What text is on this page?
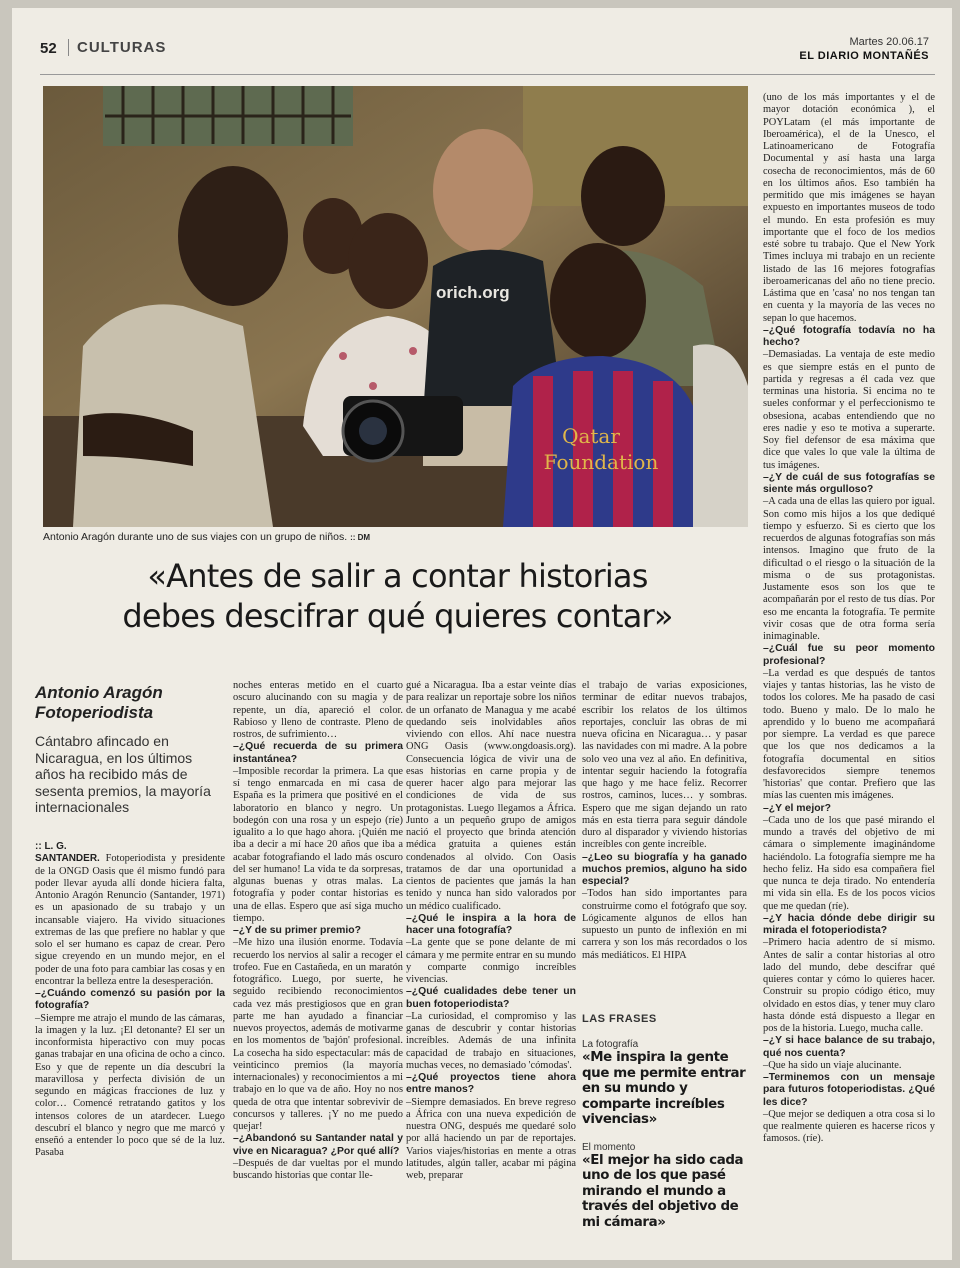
52	CULTURAS	Martes 20.06.17
EL DIARIO MONTAÑÉS
orich.org
Qatar
Foundation
Antonio Aragón durante uno de sus viajes con un grupo de niños. :: DM
«Antes de salir a contar historias
debes descifrar qué quieres contar»
Antonio Aragón
Fotoperiodista
Cántabro afincado en Nicaragua, en los últimos años ha recibido más de sesenta premios, la mayoría internacionales

:: L. G.

SANTANDER. Fotoperiodista y presidente de la ONGD Oasis que él mismo fundó para poder llevar ayuda allí donde hiciera falta, Antonio Aragón Renuncio (Santander, 1971) es un apasionado de su trabajo y un incansable viajero. Ha vivido situaciones extremas de las que prefiere no hablar y que solo el ser humano es capaz de crear. Pero sigue creyendo en un mundo mejor, en el poder de una foto para cambiar las cosas y en encontrar la belleza entre la desesperación.

–¿Cuándo comenzó su pasión por la fotografía?

–Siempre me atrajo el mundo de las cámaras, la imagen y la luz. ¡El detonante? El ser un inconformista hiperactivo con muy pocas ganas trabajar en una oficina de ocho a cinco. Eso y que de repente un día descubrí la maravillosa y perfecta división de un segundo en mágicas fracciones de luz y color… Comencé retratando gatitos y los intensos colores de un atardecer. Luego descubrí el blanco y negro que me marcó y enseñó a entender lo poco que sé de la luz. Pasaba

noches enteras metido en el cuarto oscuro alucinando con su magia y de repente, un día, apareció el color. Rabioso y lleno de contraste. Pleno de rostros, de sufrimiento…

–¿Qué recuerda de su primera instantánea?

–Imposible recordar la primera. La que sí tengo enmarcada en mi casa de España es la primera que positivé en el laboratorio en blanco y negro. Un bodegón con una rosa y un espejo (ríe) igualito a lo que hago ahora. ¡Quién me iba a decir a mí hace 20 años que iba a acabar fotografiando el lado más oscuro del ser humano! La vida te da sorpresas, algunas buenas y otras malas. La fotografía y poder contar historias es una de ellas. Espero que así siga mucho tiempo.

–¿Y de su primer premio?

–Me hizo una ilusión enorme. Todavía recuerdo los nervios al salir a recoger el trofeo. Fue en Castañeda, en un maratón fotográfico. Luego, por suerte, he seguido recibiendo reconocimientos cada vez más prestigiosos que en gran parte me han ayudado a financiar nuevos proyectos, además de motivarme en los momentos de 'bajón' profesional. La cosecha ha sido espectacular: más de veinticinco premios (la mayoría internacionales) y reconocimientos a mi trabajo en lo que va de año. Hoy no nos queda de otra que intentar sobrevivir de concursos y talleres. ¡Y no me puedo quejar!

–¿Abandonó su Santander natal y vive en Nicaragua? ¿Por qué allí?

–Después de dar vueltas por el mundo buscando historias que contar lle-

gué a Nicaragua. Iba a estar veinte días para realizar un reportaje sobre los niños de un orfanato de Managua y me acabé quedando seis inolvidables años viviendo con ellos. Ahí nace nuestra ONG Oasis (www.ongdoasis.org). Consecuencia lógica de vivir una de esas historias en carne propia y de querer hacer algo para mejorar las condiciones de vida de sus protagonistas. Luego llegamos a África. Junto a un pequeño grupo de amigos nació el proyecto que brinda atención médica gratuita a quienes están condenados al olvido. Con Oasis tratamos de dar una oportunidad a cientos de pacientes que jamás la han tenido y nunca han sido valorados por un médico cualificado.

–¿Qué le inspira a la hora de hacer una fotografía?

–La gente que se pone delante de mi cámara y me permite entrar en su mundo y comparte conmigo increíbles vivencias.

–¿Qué cualidades debe tener un buen fotoperiodista?

–La curiosidad, el compromiso y las ganas de descubrir y contar historias increíbles. Además de una infinita capacidad de trabajo en situaciones, muchas veces, no demasiado 'cómodas'.

–¿Qué proyectos tiene ahora entre manos?

–Siempre demasiados. En breve regreso a África con una nueva expedición de nuestra ONG, después me quedaré solo por allá haciendo un par de reportajes. Varios viajes/historias en mente a otras latitudes, algún taller, acabar mi página web, preparar

el trabajo de varias exposiciones, terminar de editar nuevos trabajos, escribir los relatos de los últimos reportajes, concluir las obras de mi nueva oficina en Nicaragua… y pasar las navidades con mi madre. A la pobre solo veo una vez al año. En definitiva, intentar seguir haciendo la fotografía que hago y me hace feliz. Recorrer rostros, caminos, luces… y sombras. Espero que me sigan dejando un rato más en esta tierra para seguir dándole duro al disparador y viviendo historias increíbles con gente increíble.

–¿Leo su biografía y ha ganado muchos premios, alguno ha sido especial?

–Todos han sido importantes para construirme como el fotógrafo que soy. Lógicamente algunos de ellos han supuesto un punto de inflexión en mi carrera y son los más recordados o los más mediáticos. El HIPA

LAS FRASES
La fotografía
«Me inspira la gente que me permite entrar en su mundo y comparte increíbles vivencias»
El momento
«El mejor ha sido cada uno de los que pasé mirando el mundo a través del objetivo de mi cámara»

(uno de los más importantes y el de mayor dotación económica ), el POYLatam (el más importante de Iberoamérica), el de la Unesco, el Latinoamericano de Fotografía Documental y así hasta una larga cosecha de reconocimientos, más de 60 en los últimos años. Eso también ha permitido que mis imágenes se hayan expuesto en importantes museos de todo el mundo. En esta profesión es muy importante que el foco de los medios esté sobre tu trabajo. Que el New York Times incluya mi trabajo en un reciente listado de las 16 mejores fotografías iberoamericanas del año no tiene precio. Lástima que en 'casa' no nos tengan tan en cuenta y la mayoría de las veces no sepan lo que hacemos.

–¿Qué fotografía todavía no ha hecho?

–Demasiadas. La ventaja de este medio es que siempre estás en el punto de partida y regresas a él cada vez que terminas una historia. Si encima no te sueles conformar y el perfeccionismo te obsesiona, acabas entendiendo que no eres nadie y eso te motiva a superarte. Soy fiel defensor de esa máxima que dice que vales lo que vale la última de tus imágenes.

–¿Y de cuál de sus fotografías se siente más orgulloso?

–A cada una de ellas las quiero por igual. Son como mis hijos a los que dediqué tiempo y esfuerzo. Si es cierto que los recuerdos de algunas fotografías son más intensos. Imagino que fruto de la dificultad o el riesgo o la situación de la misma o de sus protagonistas. Justamente esos son los que te acompañarán por el resto de tus días. Por eso me encanta la fotografía. Te permite vivir cosas que de otra forma sería inimaginable.

–¿Cuál fue su peor momento profesional?

–La verdad es que después de tantos viajes y tantas historias, las he visto de todos los colores. Me ha pasado de casi todo. Bueno y malo. De lo malo he aprendido y lo bueno me acompañará por siempre. La verdad es que parece que los que nos dedicamos a la fotografía documental en sitios desfavorecidos siempre tenemos 'historias' que contar. Prefiero que las mías las cuenten mis imágenes.

–¿Y el mejor?

–Cada uno de los que pasé mirando el mundo a través del objetivo de mi cámara o simplemente imaginándome haciéndolo. La fotografía siempre me ha hecho feliz. Ha sido esa compañera fiel que nunca te deja tirado. No entendería mi vida sin ella. Es de los pocos vicios que me quedan (ríe).

–¿Y hacia dónde debe dirigir su mirada el fotoperiodista?

–Primero hacia adentro de sí mismo. Antes de salir a contar historias al otro lado del mundo, debe descifrar qué quieres contar y cómo lo quieres hacer. Construir su propio código ético, muy olvidado en estos días, y tener muy claro hasta dónde está dispuesto a llegar en pos de la historia. Luego, mucha calle.

–¿Y si hace balance de su trabajo, qué nos cuenta?

–Que ha sido un viaje alucinante.

–Terminemos con un mensaje para futuros fotoperiodistas. ¿Qué les dice?

–Que mejor se dediquen a otra cosa si lo que realmente quieren es hacerse ricos y famosos. (ríe).
